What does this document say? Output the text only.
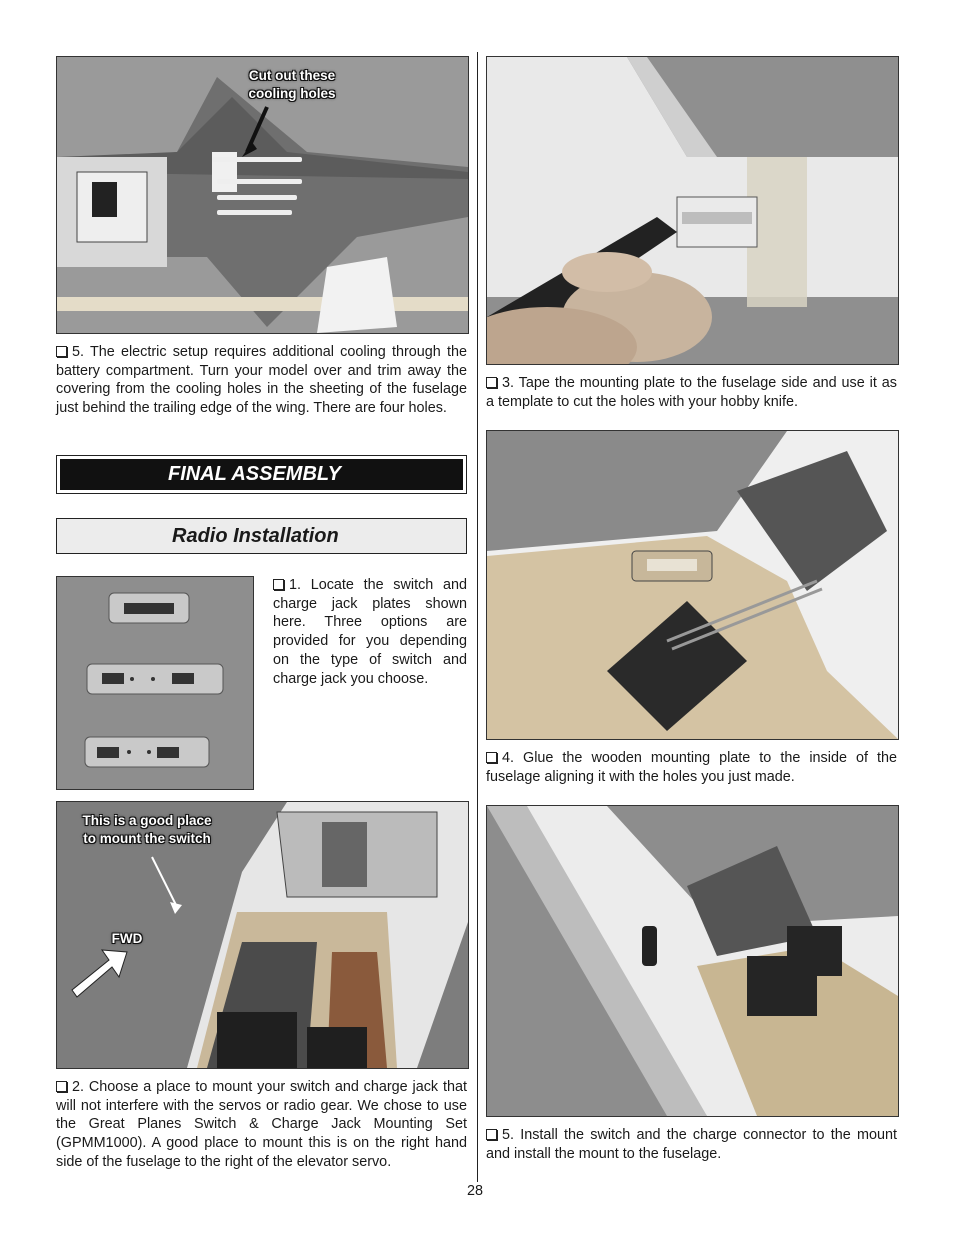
Cut out these
cooling holes

5. The electric setup requires additional cooling through the battery compartment. Turn your model over and trim away the covering from the cooling holes in the sheeting of the fuselage just behind the trailing edge of the wing. There are four holes.

FINAL ASSEMBLY
Radio Installation

1. Locate the switch and charge jack plates shown here. Three options are provided for you depending on the type of switch and charge jack you choose.

This is a good place
to mount the switch
FWD

2. Choose a place to mount your switch and charge jack that will not interfere with the servos or radio gear. We chose to use the Great Planes Switch & Charge Jack Mounting Set (GPMM1000). A good place to mount this is on the right hand side of the fuselage to the right of the elevator servo.

3. Tape the mounting plate to the fuselage side and use it as a template to cut the holes with your hobby knife.

4. Glue the wooden mounting plate to the inside of the fuselage aligning it with the holes you just made.

5. Install the switch and the charge connector to the mount and install the mount to the fuselage.

28
